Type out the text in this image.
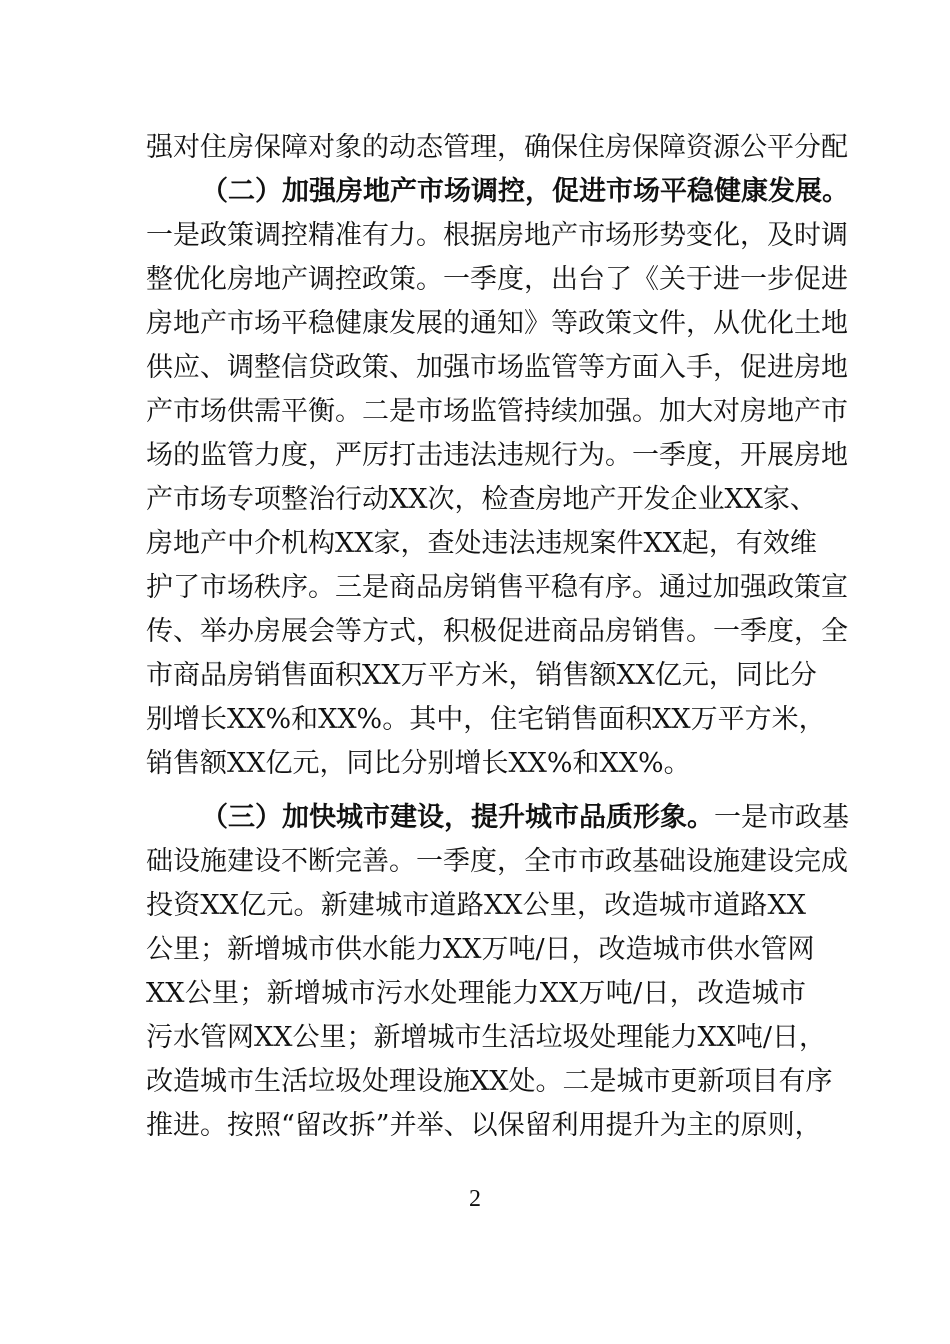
强对住房保障对象的动态管理，确保住房保障资源公平分配
（二）加强房地产市场调控，促进市场平稳健康发展。
一是政策调控精准有力。根据房地产市场形势变化，及时调
整优化房地产调控政策。一季度，出台了《关于进一步促进
房地产市场平稳健康发展的通知》等政策文件，从优化土地
供应、调整信贷政策、加强市场监管等方面入手，促进房地
产市场供需平衡。二是市场监管持续加强。加大对房地产市
场的监管力度，严厉打击违法违规行为。一季度，开展房地
产市场专项整治行动XX次，检查房地产开发企业XX家、
房地产中介机构XX家，查处违法违规案件XX起，有效维
护了市场秩序。三是商品房销售平稳有序。通过加强政策宣
传、举办房展会等方式，积极促进商品房销售。一季度，全
市商品房销售面积XX万平方米，销售额XX亿元，同比分
别增长XX%和XX%。其中，住宅销售面积XX万平方米，
销售额XX亿元，同比分别增长XX%和XX%。
（三）加快城市建设，提升城市品质形象。一是市政基
础设施建设不断完善。一季度，全市市政基础设施建设完成
投资XX亿元。新建城市道路XX公里，改造城市道路XX
公里；新增城市供水能力XX万吨/日，改造城市供水管网
XX公里；新增城市污水处理能力XX万吨/日，改造城市
污水管网XX公里；新增城市生活垃圾处理能力XX吨/日，
改造城市生活垃圾处理设施XX处。二是城市更新项目有序
推进。按照“留改拆”并举、以保留利用提升为主的原则，
2
